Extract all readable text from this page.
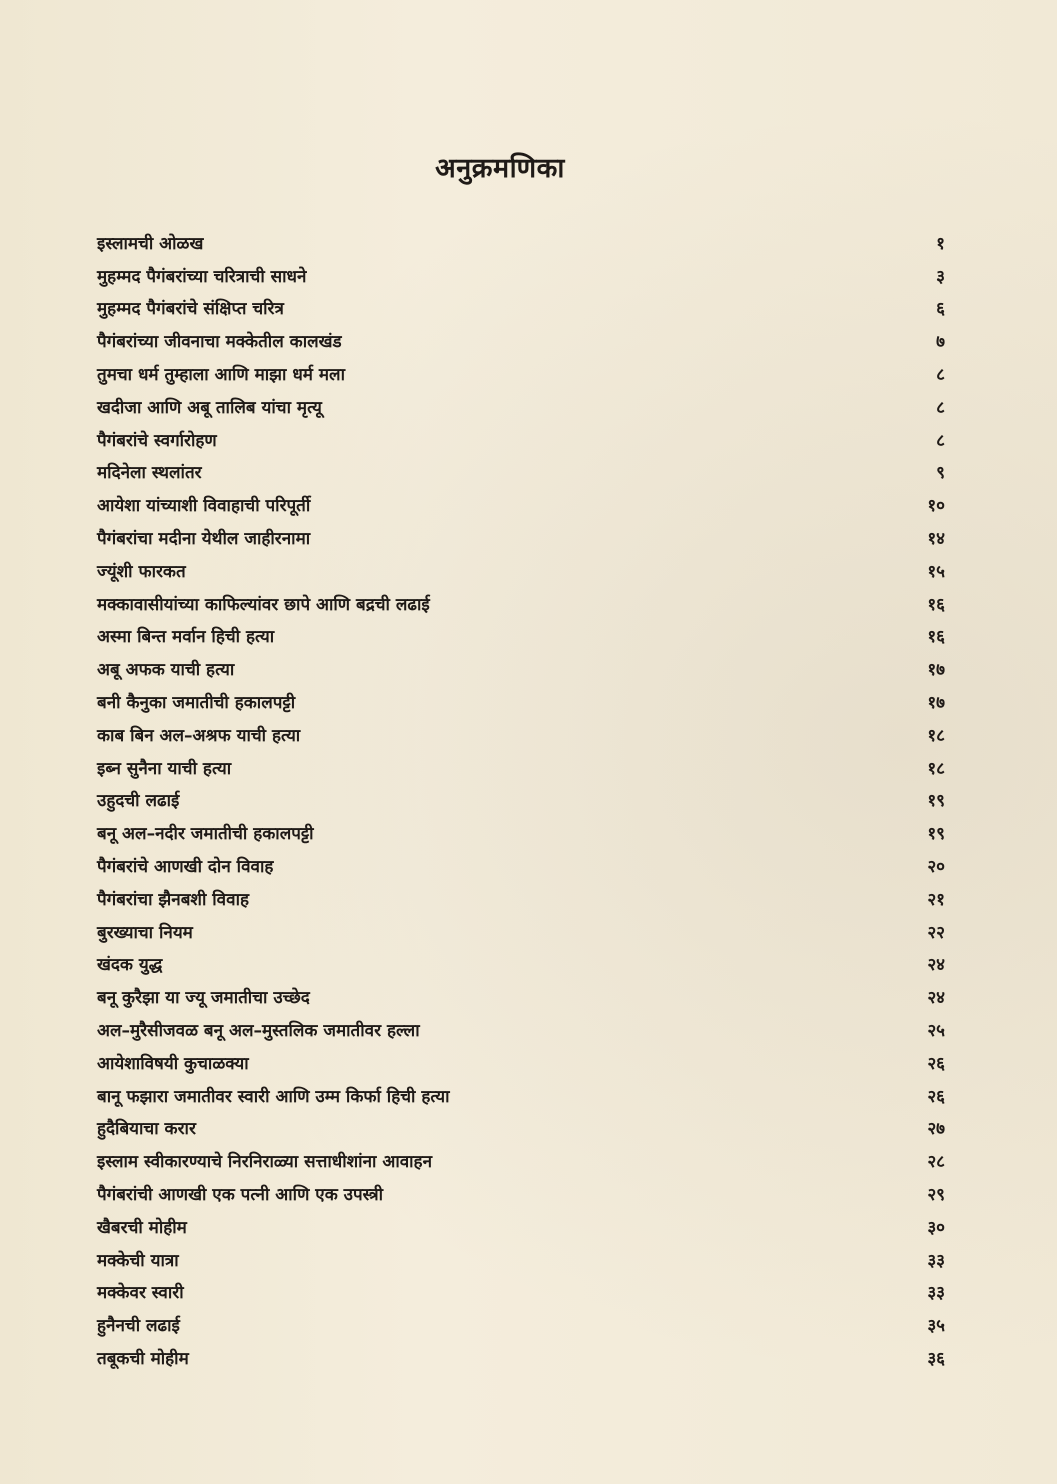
अनुक्रमणिका
इस्लामची ओळख	१
मुहम्मद पैगंबरांच्या चरित्राची साधने	३
मुहम्मद पैगंबरांचे संक्षिप्त चरित्र	६
पैगंबरांच्या जीवनाचा मक्केतील कालखंड	७
तुमचा धर्म तुम्हाला आणि माझा धर्म मला	८
खदीजा आणि अबू तालिब यांचा मृत्यू	८
पैगंबरांचे स्वर्गारोहण	८
मदिनेला स्थलांतर	९
आयेशा यांच्याशी विवाहाची परिपूर्ती	१०
पैगंबरांचा मदीना येथील जाहीरनामा	१४
ज्यूंशी फारकत	१५
मक्कावासीयांच्या काफिल्यांवर छापे आणि बद्रची लढाई	१६
अस्मा बिन्त मर्वान हिची हत्या	१६
अबू अफक याची हत्या	१७
बनी कैनुका जमातीची हकालपट्टी	१७
काब बिन अल–अश्रफ याची हत्या	१८
इब्न सुनैना याची हत्या	१८
उहुदची लढाई	१९
बनू अल–नदीर जमातीची हकालपट्टी	१९
पैगंबरांचे आणखी दोन विवाह	२०
पैगंबरांचा झैनबशी विवाह	२१
बुरख्याचा नियम	२२
खंदक युद्ध	२४
बनू कुरैझा या ज्यू जमातीचा उच्छेद	२४
अल–मुरैसीजवळ बनू अल–मुस्तलिक जमातीवर हल्ला	२५
आयेशाविषयी कुचाळक्या	२६
बानू फझारा जमातीवर स्वारी आणि उम्म किर्फा हिची हत्या	२६
हुदैबियाचा करार	२७
इस्लाम स्वीकारण्याचे निरनिराळ्या सत्ताधीशांना आवाहन	२८
पैगंबरांची आणखी एक पत्नी आणि एक उपस्त्री	२९
खैबरची मोहीम	३०
मक्केची यात्रा	३३
मक्केवर स्वारी	३३
हुनैनची लढाई	३५
तबूकची मोहीम	३६
